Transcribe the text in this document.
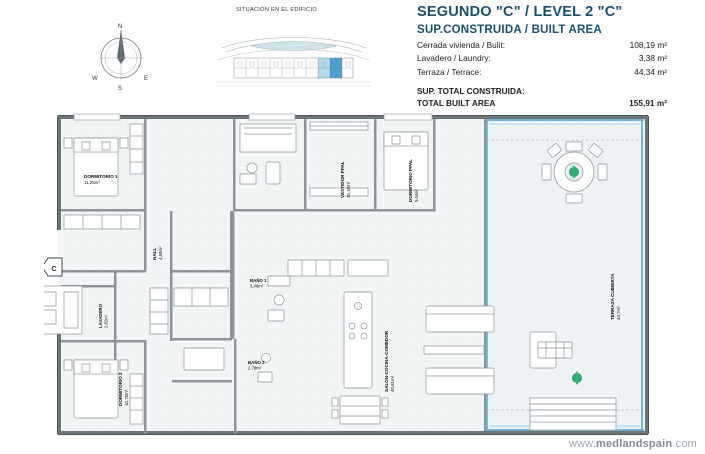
SEGUNDO "C" / LEVEL 2 "C"
SUP.CONSTRUIDA / BUILT AREA
Cerrada vivienda / Bulit:	108,19 m²
Lavadero / Laundry:	3,38 m²
Terraza / Terrace:	44,34 m²
SUP. TOTAL CONSTRUIDA:
TOTAL BUILT AREA	155,91 m²
SITUACIÓN EN EL EDIFICIO
N
S
E
W
DORMITORIO 1
11,25m²	VESTIDOR PPAL 10,16m²	DORMITORIO PPAL 9,346²
HALL 4,68m²
LAVADERO 2,82m²
C
BAÑO 1
3,46m²
BAÑO 2
2,78m²
DORMITORIO 2 10,75m²
SALON-COCINA-COMEDOR 40,81m²
TERRAZA CUBIERTA 43,7m²
www.medlandspain.com
